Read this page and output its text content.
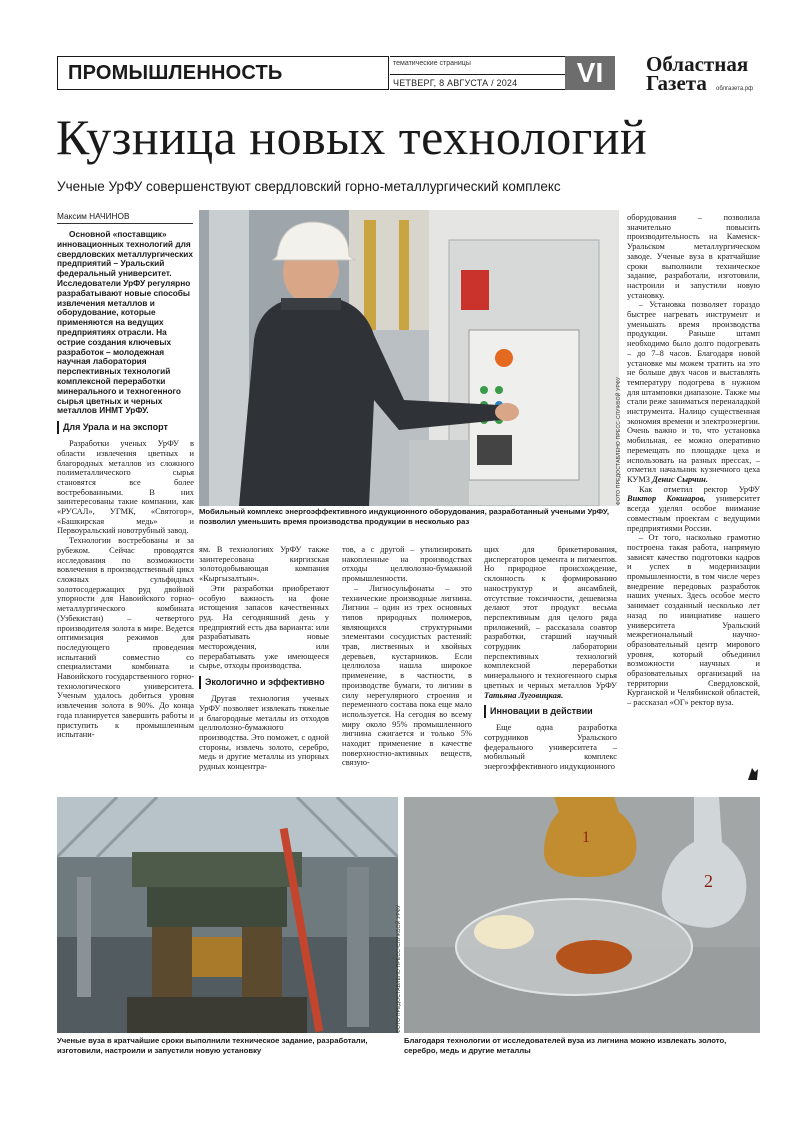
ПРОМЫШЛЕННОСТЬ	тематические страницы
ЧЕТВЕРГ, 8 АВГУСТА / 2024	VI	Областная
Газета	облгазета.рф
Кузница новых технологий
Ученые УрФУ совершенствуют свердловский горно-металлургический комплекс
Максим НАЧИНОВ

Основной «поставщик» инновационных технологий для свердловских металлургических предприятий – Уральский федеральный университет. Исследователи УрФУ регулярно разрабатывают новые способы извлечения металлов и оборудование, которые применяются на ведущих предприятиях отрасли. На острие создания ключевых разработок – молодежная научная лаборатория перспективных технологий комплексной переработки минерального и техногенного сырья цветных и черных металлов ИНМТ УрФУ.

Для Урала и на экспорт

Разработки ученых УрФУ в области извлечения цветных и благородных металлов из сложного полиметаллического сырья становятся все более востребованными. В них заинтересованы такие компании, как «РУСАЛ», УГМК, «Святогор», «Башкирская медь» и Первоуральский новотрубный завод.

Технологии востребованы и за рубежом. Сейчас проводятся исследования по возможности вовлечения в производственный цикл сложных сульфидных золотосодержащих руд двойной упорности для Навоийского горно-металлургического комбината (Узбекистан) – четвертого производителя золота в мире. Ведется оптимизация режимов для последующего проведения испытаний совместно со специалистами комбината и Навоийского государственного горно-технологического университета. Ученым удалось добиться уровня извлечения золота в 90%. До конца года планируется завершить работы и приступить к промышленным испытани-

ФОТО ПРЕДОСТАВЛЕНО ПРЕСС-СЛУЖБОЙ УРФУ
Мобильный комплекс энергоэффективного индукционного оборудования, разработанный учеными УрФУ, позволил уменьшить время производства продукции в несколько раз

ям. В технологиях УрФУ также заинтересована киргизская золотодобывающая компания «Кыргызалтын».

Эти разработки приобретают особую важность на фоне истощения запасов качественных руд. На сегодняшний день у предприятий есть два варианта: или разрабатывать новые месторождения, или перерабатывать уже имеющееся сырье, отходы производства.

Экологично и эффективно

Другая технология ученых УрФУ позволяет извлекать тяжелые и благородные металлы из отходов целлюлозно-бумажного производства. Это поможет, с одной стороны, извлечь золото, серебро, медь и другие металлы из упорных рудных концентра-

тов, а с другой – утилизировать накопленные на производствах отходы целлюлозно-бумажной промышленности.

– Лигносульфонаты – это технические производные лигнина. Лигнин – один из трех основных типов природных полимеров, являющихся структурными элементами сосудистых растений: трав, лиственных и хвойных деревьев, кустарников. Если целлюлоза нашла широкое применение, в частности, в производстве бумаги, то лигнин в силу нерегулярного строения и переменного состава пока еще мало используется. На сегодня во всему миру около 95% промышленного лигнина сжигается и только 5% находит применение в качестве поверхностно-активных веществ, связую-

щих для брикетирования, диспергаторов цемента и пигментов. Но природное происхождение, склонность к формированию наноструктур и ансамблей, отсутствие токсичности, дешевизна делают этот продукт весьма перспективным для целого ряда приложений, – рассказала соавтор разработки, старший научный сотрудник лаборатории перспективных технологий комплексной переработки минерального и техногенного сырья цветных и черных металлов УрФУ Татьяна Луговицкая.

Инновации в действии

Еще одна разработка сотрудников Уральского федерального университета – мобильный комплекс энергоэффективного индукционного

оборудования – позволила значительно повысить производительность на Каменск-Уральском металлургическом заводе. Ученые вуза в кратчайшие сроки выполнили техническое задание, разработали, изготовили, настроили и запустили новую установку.

– Установка позволяет гораздо быстрее нагревать инструмент и уменьшать время производства продукции. Раньше штамп необходимо было долго подогревать – до 7–8 часов. Благодаря новой установке мы можем тратить на это не больше двух часов и выставлять температуру подогрева в нужном для штамповки диапазоне. Также мы стали реже заниматься переналадкой инструмента. Налицо существенная экономия времени и электроэнергии. Очень важно и то, что установка мобильная, ее можно оперативно перемещать по площадке цеха и использовать на разных прессах, – отметил начальник кузнечного цеха КУМЗ Денис Сырчин.

Как отметил ректор УрФУ Виктор Кокшаров, университет всегда уделял особое внимание совместным проектам с ведущими предприятиями России.

– От того, насколько грамотно построена такая работа, напрямую зависят качество подготовки кадров и успех в модернизации промышленности, в том числе через внедрение передовых разработок наших ученых. Здесь особое место занимает созданный несколько лет назад по инициативе нашего университета Уральский межрегиональный научно-образовательный центр мирового уровня, который объединил возможности научных и образовательных организаций на территории Свердловской, Курганской и Челябинской областей, – рассказал «ОГ» ректор вуза.

ФОТО ПРЕДОСТАВЛЕНО ПРЕСС-СЛУЖБОЙ УРФУ
Ученые вуза в кратчайшие сроки выполнили техническое задание, разработали, изготовили, настроили и запустили новую установку
1
2
Благодаря технологии от исследователей вуза из лигнина можно извлекать золото, серебро, медь и другие металлы
